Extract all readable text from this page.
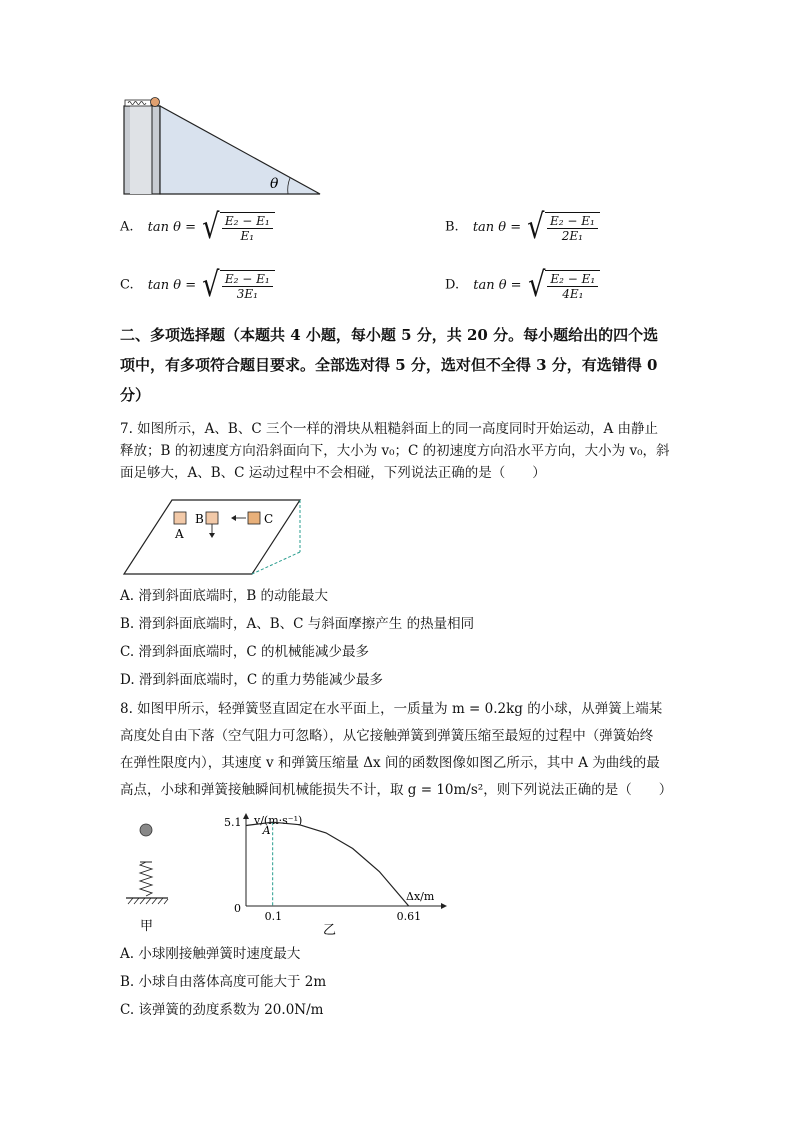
θ
A. tan θ = √ $\frac{\text{E₂ − E₁}}{\text{E₁}}$	B. tan θ = √ $\frac{\text{E₂ − E₁}}{\text{2E₁}}$
C. tan θ = √ $\frac{\text{E₂ − E₁}}{\text{3E₁}}$	D. tan θ = √ $\frac{\text{E₂ − E₁}}{\text{4E₁}}$
二、多项选择题（本题共 4 小题，每小题 5 分，共 20 分。每小题给出的四个选
项中，有多项符合题目要求。全部选对得 5 分，选对但不全得 3 分，有选错得 0
分）
7. 如图所示，A、B、C 三个一样的滑块从粗糙斜面上的同一高度同时开始运动，A 由静止
释放；B 的初速度方向沿斜面向下，大小为 v₀；C 的初速度方向沿水平方向，大小为 v₀，斜
面足够大，A、B、C 运动过程中不会相碰，下列说法正确的是（　　）
A
B	C
A. 滑到斜面底端时，B 的动能最大
B. 滑到斜面底端时，A、B、C 与斜面摩擦产生 的热量相同
C. 滑到斜面底端时，C 的机械能减少最多
D. 滑到斜面底端时，C 的重力势能减少最多
8. 如图甲所示，轻弹簧竖直固定在水平面上，一质量为 m = 0.2kg 的小球，从弹簧上端某
高度处自由下落（空气阻力可忽略），从它接触弹簧到弹簧压缩至最短的过程中（弹簧始终
在弹性限度内），其速度 v 和弹簧压缩量 Δx 间的函数图像如图乙所示，其中 A 为曲线的最
高点，小球和弹簧接触瞬间机械能损失不计，取 g = 10m/s²，则下列说法正确的是（　　）
甲
v/(m·s⁻¹)
Δx/m
0
5.1
0.1	0.61
A
乙
A. 小球刚接触弹簧时速度最大
B. 小球自由落体高度可能大于 2m
C. 该弹簧的劲度系数为 20.0N/m
